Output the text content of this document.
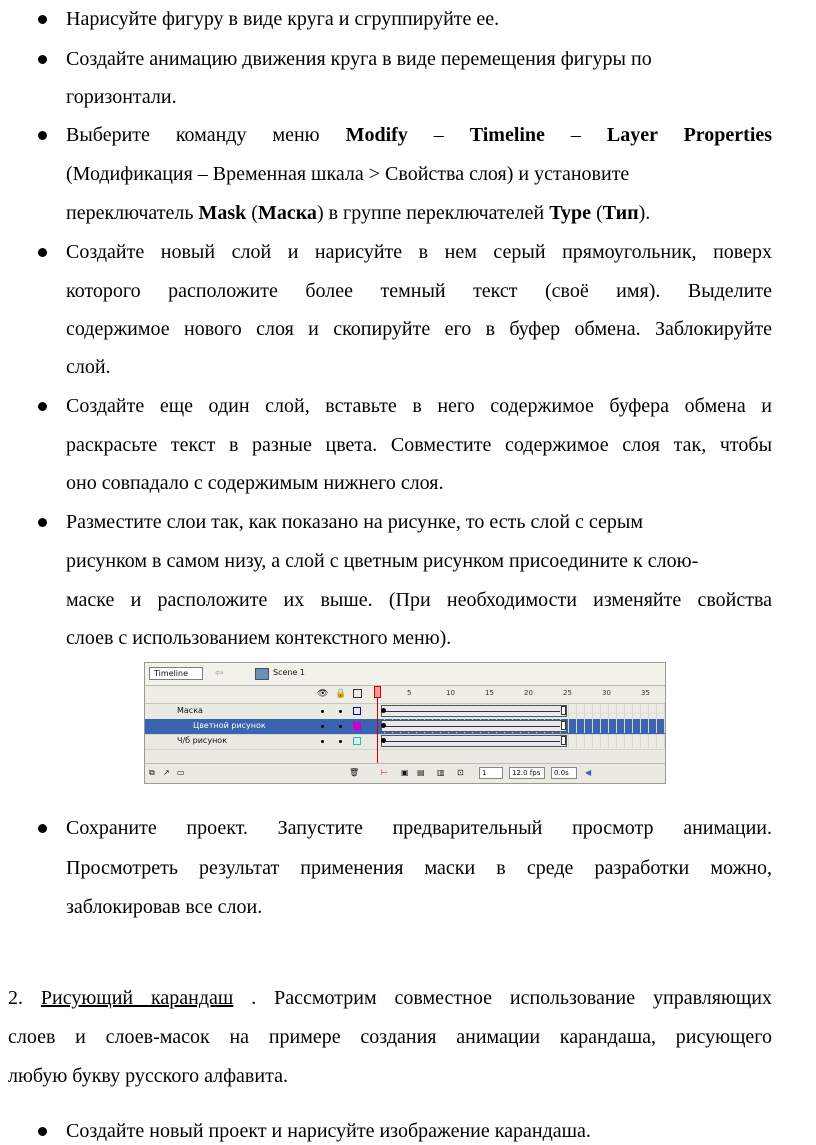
Нарисуйте фигуру в виде круга и сгруппируйте ее.
Создайте анимацию движения круга в виде перемещения фигуры по
горизонтали.
Выберите команду меню Modify – Timeline – Layer Properties
(Модификация – Временная шкала > Свойства слоя) и установите
переключатель Mask (Маска) в группе переключателей Type (Тип).
Создайте новый слой и нарисуйте в нем серый прямоугольник, поверх
которого расположите более темный текст (своё имя). Выделите
содержимое нового слоя и скопируйте его в буфер обмена. Заблокируйте
слой.
Создайте еще один слой, вставьте в него содержимое буфера обмена и
раскрасьте текст в разные цвета. Совместите содержимое слоя так, чтобы
оно совпадало с содержимым нижнего слоя.
Разместите слои так, как показано на рисунке, то есть слой с серым
рисунком в самом низу, а слой с цветным рисунком присоедините к слою-
маске и расположите их выше. (При необходимости изменяйте свойства
слоев с использованием контекстного меню).
Сохраните проект. Запустите предварительный просмотр анимации.
Просмотреть результат применения маски в среде разработки можно,
заблокировав все слои.
2. Рисующий карандаш . Рассмотрим совместное использование управляющих
слоев и слоев-масок на примере создания анимации карандаша, рисующего
любую букву русского алфавита.
Создайте новый проект и нарисуйте изображение карандаша.
Timeline	⇦	Scene 1
👁 🔒	5	10	15	20	25	30	35
Маска
Цветной рисунок
Ч/б рисунок
⧉ ↗ ▭	🗑	⊢ ▣ ▤ ▥ ⊡	1	12.0 fps	0.0s	◀
